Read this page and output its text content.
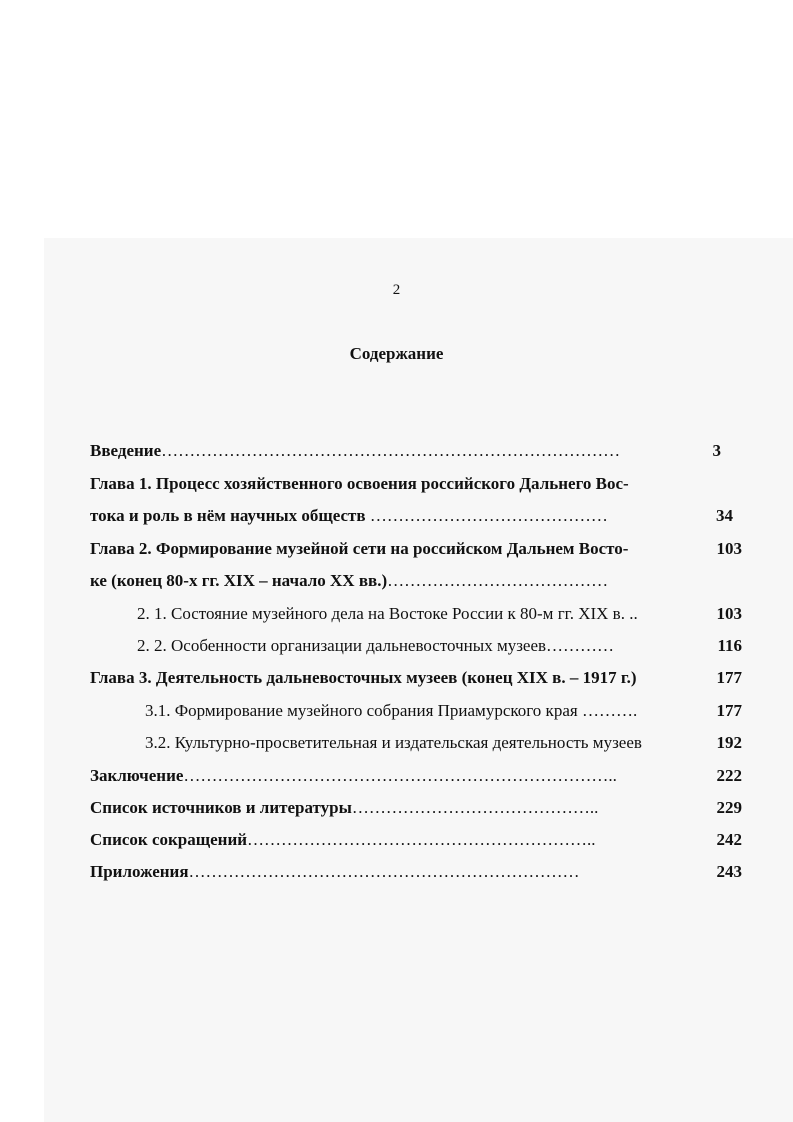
2
Содержание
Введение………………………………………………………………………	3
Глава 1. Процесс хозяйственного освоения российского Дальнего Вос-
тока и роль в нём научных обществ ……………………………………	34
Глава 2. Формирование музейной сети на российском Дальнем Восто-	103
ке (конец 80-х гг. XIX – начало XX вв.)…………………………………
2. 1. Состояние музейного дела на Востоке России к 80-м гг. XIX в. ..	103
2. 2. Особенности организации дальневосточных музеев…………	116
Глава 3. Деятельность дальневосточных музеев (конец XIX в. – 1917 г.)	177
3.1. Формирование музейного собрания Приамурского края ……….	177
3.2. Культурно-просветительная и издательская деятельность музеев	192
Заключение…………………………………………………………………..	222
Список источников и литературы……………………………………..	229
Список сокращений……………………………………………………..	242
Приложения……………………………………………………………	243
